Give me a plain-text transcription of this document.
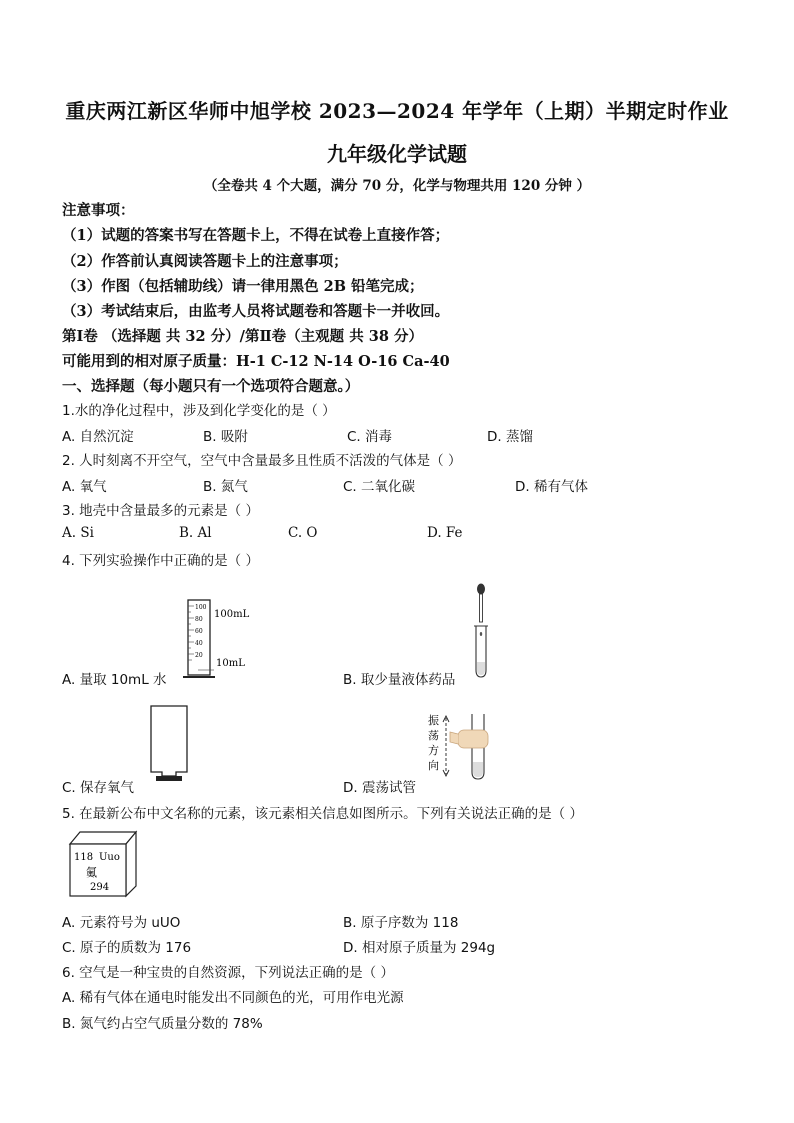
重庆两江新区华师中旭学校 2023—2024 年学年（上期）半期定时作业
九年级化学试题
（全卷共 4 个大题，满分 70 分，化学与物理共用 120 分钟 ）
注意事项：
（1）试题的答案书写在答题卡上，不得在试卷上直接作答；
（2）作答前认真阅读答题卡上的注意事项；
（3）作图（包括辅助线）请一律用黑色 2B 铅笔完成；
（3）考试结束后，由监考人员将试题卷和答题卡一并收回。
第Ⅰ卷 （选择题 共 32 分）/第Ⅱ卷（主观题 共 38 分）
可能用到的相对原子质量：H-1 C-12 N-14 O-16 Ca-40
一、选择题（每小题只有一个选项符合题意。）
1.水的净化过程中，涉及到化学变化的是（ ）
A. 自然沉淀	B. 吸附	C. 消毒	D. 蒸馏
2. 人时刻离不开空气，空气中含量最多且性质不活泼的气体是（ ）
A. 氧气	B. 氮气	C. 二氧化碳	D. 稀有气体
3. 地壳中含量最多的元素是（ ）
A. Si	B. Al	C. O	D. Fe
4. 下列实验操作中正确的是（ ）
100
80
60
40
20
100mL
10mL
A. 量取 10mL 水	B. 取少量液体药品
C. 保存氧气
振
荡
方
向
D. 震荡试管
5. 在最新公布中文名称的元素，该元素相关信息如图所示。下列有关说法正确的是（ ）
118 Uuo
鿫
294
A. 元素符号为 uUO	B. 原子序数为 118
C. 原子的质数为 176	D. 相对原子质量为 294g
6. 空气是一种宝贵的自然资源，下列说法正确的是（ ）
A. 稀有气体在通电时能发出不同颜色的光，可用作电光源
B. 氮气约占空气质量分数的 78%
